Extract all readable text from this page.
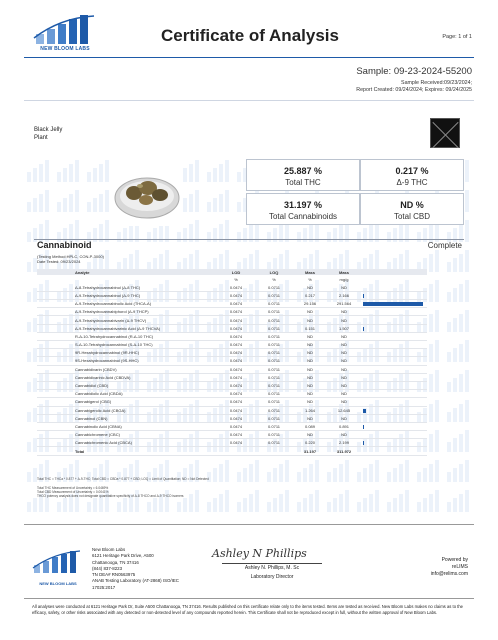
NEW BLOOM LABS
Certificate of Analysis	Page: 1 of 1
Sample: 09-23-2024-55200
Sample Received:09/23/2024;
Report Created: 09/24/2024; Expires: 09/24/2025
Black Jelly
Plant
25.887 %
Total THC
0.217 %
Δ-9 THC
31.197 %
Total Cannabinoids
ND %
Total CBD
Cannabinoid	Complete
(Testing Method:HPLC, CON-P-3000)
Date Tested: 09/23/2024
Analyte	LOD	LOQ	Mass	Mass	
	%	%	%	mg/g	
Δ-8-Tetrahydrocannabinol (Δ-8 THC)	0.0474	0.0711	ND	ND	
Δ-9-Tetrahydrocannabinol (Δ-9 THC)	0.0474	0.0711	0.217	2.166	

Δ-9-Tetrahydrocannabinolic Acid (THCA-A)	0.0474	0.0711	29.156	291.564	

Δ-9-Tetrahydrocannabiphorol (Δ-9 THCP)	0.0474	0.0711	ND	ND	
Δ-9-Tetrahydrocannabivarin (Δ-9 THCV)	0.0474	0.0711	ND	ND	
Δ-9-Tetrahydrocannabivarinic Acid (Δ-9 THCVA)	0.0474	0.0711	0.151	1.507	

R-Δ-10-Tetrahydrocannabinol (R-Δ-10 THC)	0.0474	0.0711	ND	ND	
S-Δ-10-Tetrahydrocannabinol (S-Δ-10 THC)	0.0474	0.0711	ND	ND	
9R-Hexahydrocannabinol (9R-HHC)	0.0474	0.0711	ND	ND	
9S-Hexahydrocannabinol (9S-HHC)	0.0474	0.0711	ND	ND	
Cannabidivarin (CBDV)	0.0474	0.0711	ND	ND	
Cannabidivarinic Acid (CBDVA)	0.0474	0.0711	ND	ND	
Cannabidiol (CBD)	0.0474	0.0711	ND	ND	
Cannabidiolic Acid (CBDA)	0.0474	0.0711	ND	ND	
Cannabigerol (CBG)	0.0474	0.0711	ND	ND	
Cannabigerolic Acid (CBGA)	0.0474	0.0711	1.264	12.645	

Cannabinol (CBN)	0.0474	0.0711	ND	ND	
Cannabinolic Acid (CBNA)	0.0474	0.0711	0.089	0.891	

Cannabichromene (CBC)	0.0474	0.0711	ND	ND	
Cannabichromenic Acid (CBCA)	0.0474	0.0711	0.220	2.199	

Total			31.197	311.972	
Total THC = THCa * 0.877 + Δ-9-THC; Total CBD = CBDa * 0.877 + CBD; LOQ = Limit of Quantitation; ND = Not Detected
Total THC Measurement of Uncertainty = 6.0469%
Total CBD Measurement of Uncertainty = 0.0041%
THCO potency analysis does not designate quantitative specificity of Δ-8 THCO and Δ-9 THCO isomers
NEW BLOOM LABS
New Bloom Labs
6121 Heritage Park Drive, A500
Chattanooga, TN 37416
(844) 837-8223
TN DEA# RN0563975
ANAB Testing Laboratory (AT-2868) ISO/IEC
17025:2017
Ashley N Phillips
Ashley N. Phillips, M. Sc
Laboratory Director
Powered by
reLIMS
info@relims.com
All analyses were conducted at 6121 Heritage Park Dr, Suite A500 Chattanooga, TN 37416. Results published on this certificate relate only to the items tested. Items are tested as received. New Bloom Labs makes no claims as to the efficacy, safety, or other risks associated with any detected or non-detected level of any compounds reported herein. This Certificate shall not be reproduced except in full, without the written approval of New Bloom Labs.
